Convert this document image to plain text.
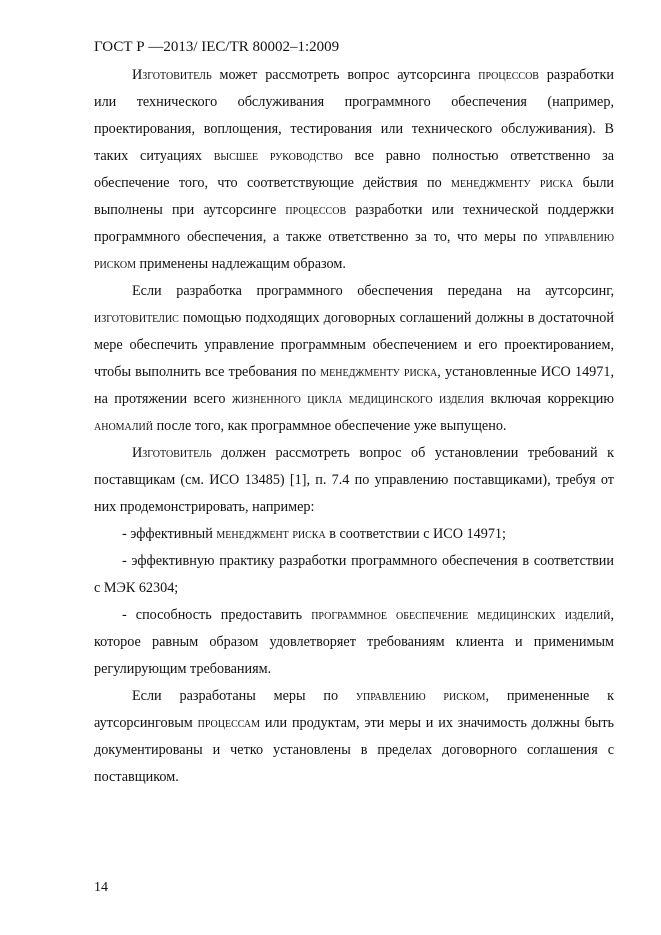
ГОСТ Р —2013/ IEC/TR 80002–1:2009

Изготовитель может рассмотреть вопрос аутсорсинга процессов разработки или технического обслуживания программного обеспечения (например, проектирования, воплощения, тестирования или технического обслуживания). В таких ситуациях высшее руководство все равно полностью ответственно за обеспечение того, что соответствующие действия по менеджменту риска были выполнены при аутсорсинге процессов разработки или технической поддержки программного обеспечения, а также ответственно за то, что меры по управлению риском применены надлежащим образом.

Если разработка программного обеспечения передана на аутсорсинг, изготовителис помощью подходящих договорных соглашений должны в достаточной мере обеспечить управление программным обеспечением и его проектированием, чтобы выполнить все требования по менеджменту риска, установленные ИСО 14971, на протяжении всего жизненного цикла медицинского изделия включая коррекцию аномалий после того, как программное обеспечение уже выпущено.

Изготовитель должен рассмотреть вопрос об установлении требований к поставщикам (см. ИСО 13485) [1], п. 7.4 по управлению поставщиками), требуя от них продемонстрировать, например:

- эффективный менеджмент риска в соответствии с ИСО 14971;

- эффективную практику разработки программного обеспечения в соответствии с МЭК 62304;

- способность предоставить программное обеспечение медицинских изделий, которое равным образом удовлетворяет требованиям клиента и применимым регулирующим требованиям.

Если разработаны меры по управлению риском, примененные к аутсорсинговым процессам или продуктам, эти меры и их значимость должны быть документированы и четко установлены в пределах договорного соглашения с поставщиком.

14
